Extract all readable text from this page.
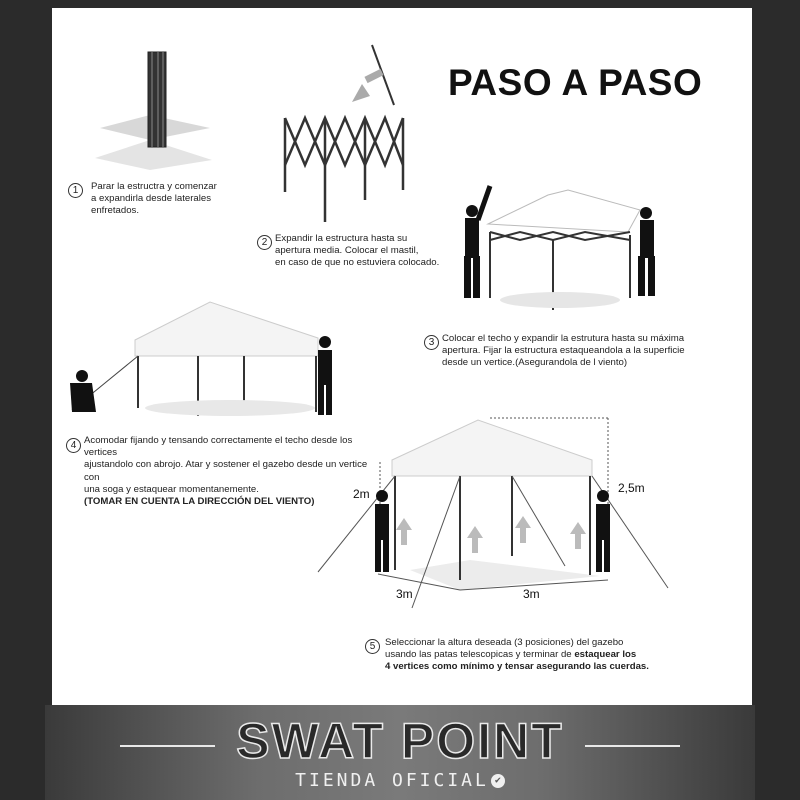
PASO A PASO
1	Parar la estructra y comenzar
a expandirla desde laterales
enfretados.
2 Expandir la estructura hasta su
apertura media. Colocar el mastil,
en caso de que no estuviera colocado.
3 Colocar el techo y expandir la estrutura hasta su máxima
apertura. Fijar la estructura estaqueandola a la superficie
desde un vertice.(Asegurandola de l viento)
4 Acomodar fijando y tensando correctamente el techo desde los vertices
ajustandolo con abrojo. Atar y sostener el gazebo desde un vertice con
una soga y estaquear momentanemente.
(TOMAR EN CUENTA LA DIRECCIÓN DEL VIENTO)
5	Seleccionar la altura deseada (3 posiciones) del gazebo
usando las patas telescopicas y terminar de estaquear los
4 vertices como mínimo y tensar asegurando las cuerdas.
2m	2,5m
3m	3m
SWAT POINT
TIENDA OFICIAL ✔
